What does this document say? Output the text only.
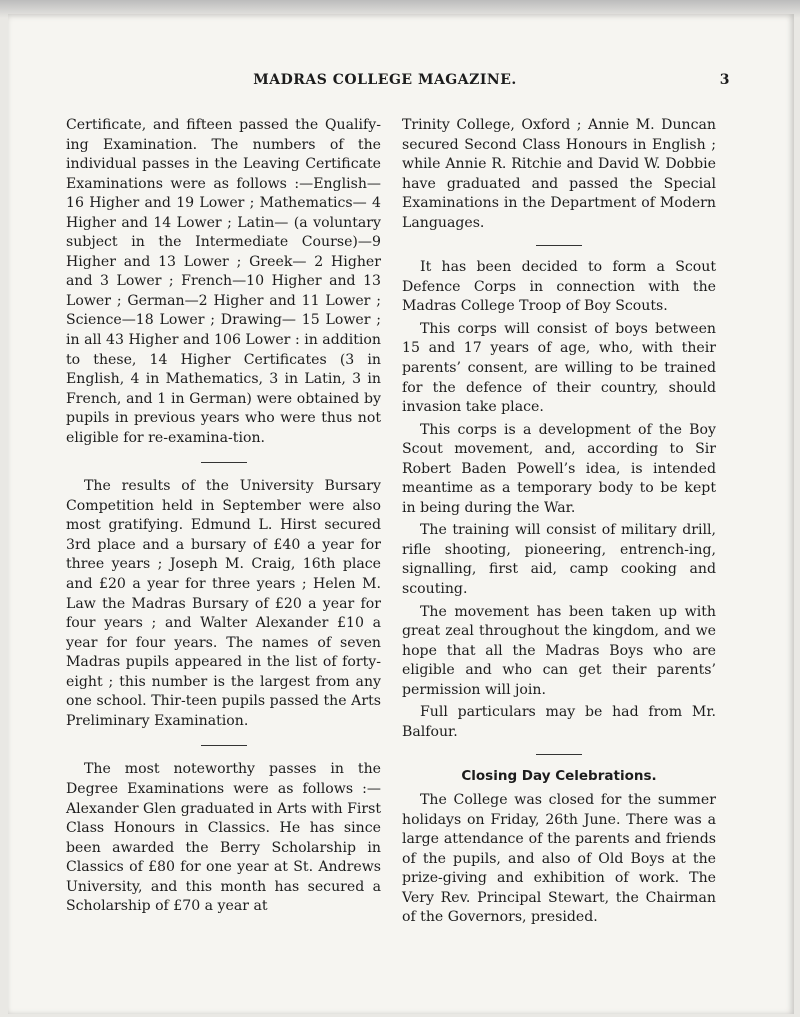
MADRAS COLLEGE MAGAZINE.	3

Certificate, and fifteen passed the Qualify-ing Examination. The numbers of the individual passes in the Leaving Certificate Examinations were as follows :—English— 16 Higher and 19 Lower ; Mathematics— 4 Higher and 14 Lower ; Latin— (a voluntary subject in the Intermediate Course)—9 Higher and 13 Lower ; Greek— 2 Higher and 3 Lower ; French—10 Higher and 13 Lower ; German—2 Higher and 11 Lower ; Science—18 Lower ; Drawing— 15 Lower ; in all 43 Higher and 106 Lower : in addition to these, 14 Higher Certificates (3 in English, 4 in Mathematics, 3 in Latin, 3 in French, and 1 in German) were obtained by pupils in previous years who were thus not eligible for re-examina-tion.

The results of the University Bursary Competition held in September were also most gratifying. Edmund L. Hirst secured 3rd place and a bursary of £40 a year for three years ; Joseph M. Craig, 16th place and £20 a year for three years ; Helen M. Law the Madras Bursary of £20 a year for four years ; and Walter Alexander £10 a year for four years. The names of seven Madras pupils appeared in the list of forty-eight ; this number is the largest from any one school. Thir-teen pupils passed the Arts Preliminary Examination.

The most noteworthy passes in the Degree Examinations were as follows :— Alexander Glen graduated in Arts with First Class Honours in Classics. He has since been awarded the Berry Scholarship in Classics of £80 for one year at St. Andrews University, and this month has secured a Scholarship of £70 a year at

Trinity College, Oxford ; Annie M. Duncan secured Second Class Honours in English ; while Annie R. Ritchie and David W. Dobbie have graduated and passed the Special Examinations in the Department of Modern Languages.

It has been decided to form a Scout Defence Corps in connection with the Madras College Troop of Boy Scouts.

This corps will consist of boys between 15 and 17 years of age, who, with their parents’ consent, are willing to be trained for the defence of their country, should invasion take place.

This corps is a development of the Boy Scout movement, and, according to Sir Robert Baden Powell’s idea, is intended meantime as a temporary body to be kept in being during the War.

The training will consist of military drill, rifle shooting, pioneering, entrench-ing, signalling, first aid, camp cooking and scouting.

The movement has been taken up with great zeal throughout the kingdom, and we hope that all the Madras Boys who are eligible and who can get their parents’ permission will join.

Full particulars may be had from Mr. Balfour.

Closing Day Celebrations.

The College was closed for the summer holidays on Friday, 26th June. There was a large attendance of the parents and friends of the pupils, and also of Old Boys at the prize-giving and exhibition of work. The Very Rev. Principal Stewart, the Chairman of the Governors, presided.
